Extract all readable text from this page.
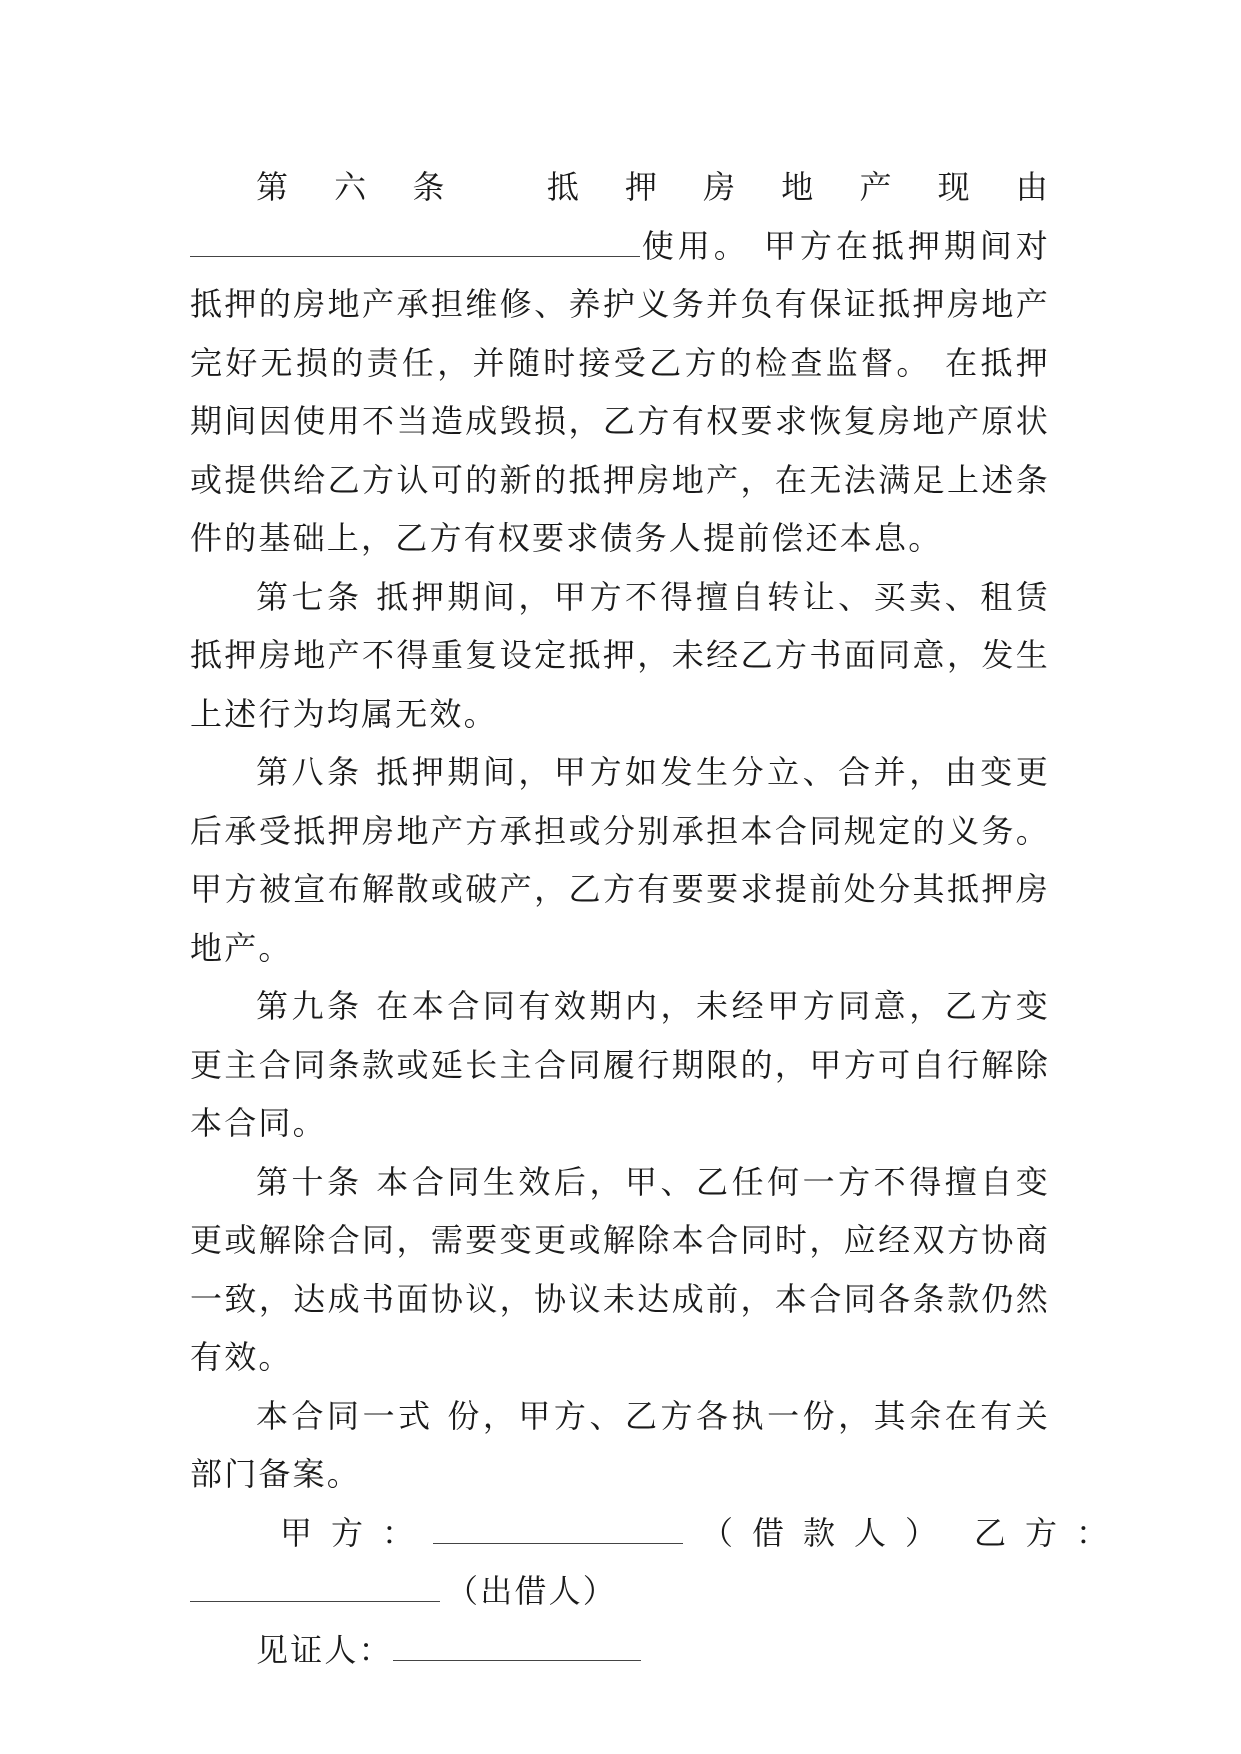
第六条 抵押房地产现由使用。 甲方在抵押期间对抵押的房地产承担维修、养护义务并负有保证抵押房地产完好无损的责任，并随时接受乙方的检查监督。 在抵押期间因使用不当造成毁损，乙方有权要求恢复房地产原状或提供给乙方认可的新的抵押房地产，在无法满足上述条件的基础上，乙方有权要求债务人提前偿还本息。

第七条 抵押期间，甲方不得擅自转让、买卖、租赁抵押房地产不得重复设定抵押，未经乙方书面同意，发生上述行为均属无效。

第八条 抵押期间，甲方如发生分立、合并，由变更后承受抵押房地产方承担或分别承担本合同规定的义务。甲方被宣布解散或破产，乙方有要要求提前处分其抵押房地产。

第九条 在本合同有效期内，未经甲方同意，乙方变更主合同条款或延长主合同履行期限的，甲方可自行解除本合同。

第十条 本合同生效后，甲、乙任何一方不得擅自变更或解除合同，需要变更或解除本合同时，应经双方协商一致，达成书面协议，协议未达成前，本合同各条款仍然有效。

本合同一式 份，甲方、乙方各执一份，其余在有关部门备案。

甲方：	（借款人） 乙方：

（出借人）

见证人：
